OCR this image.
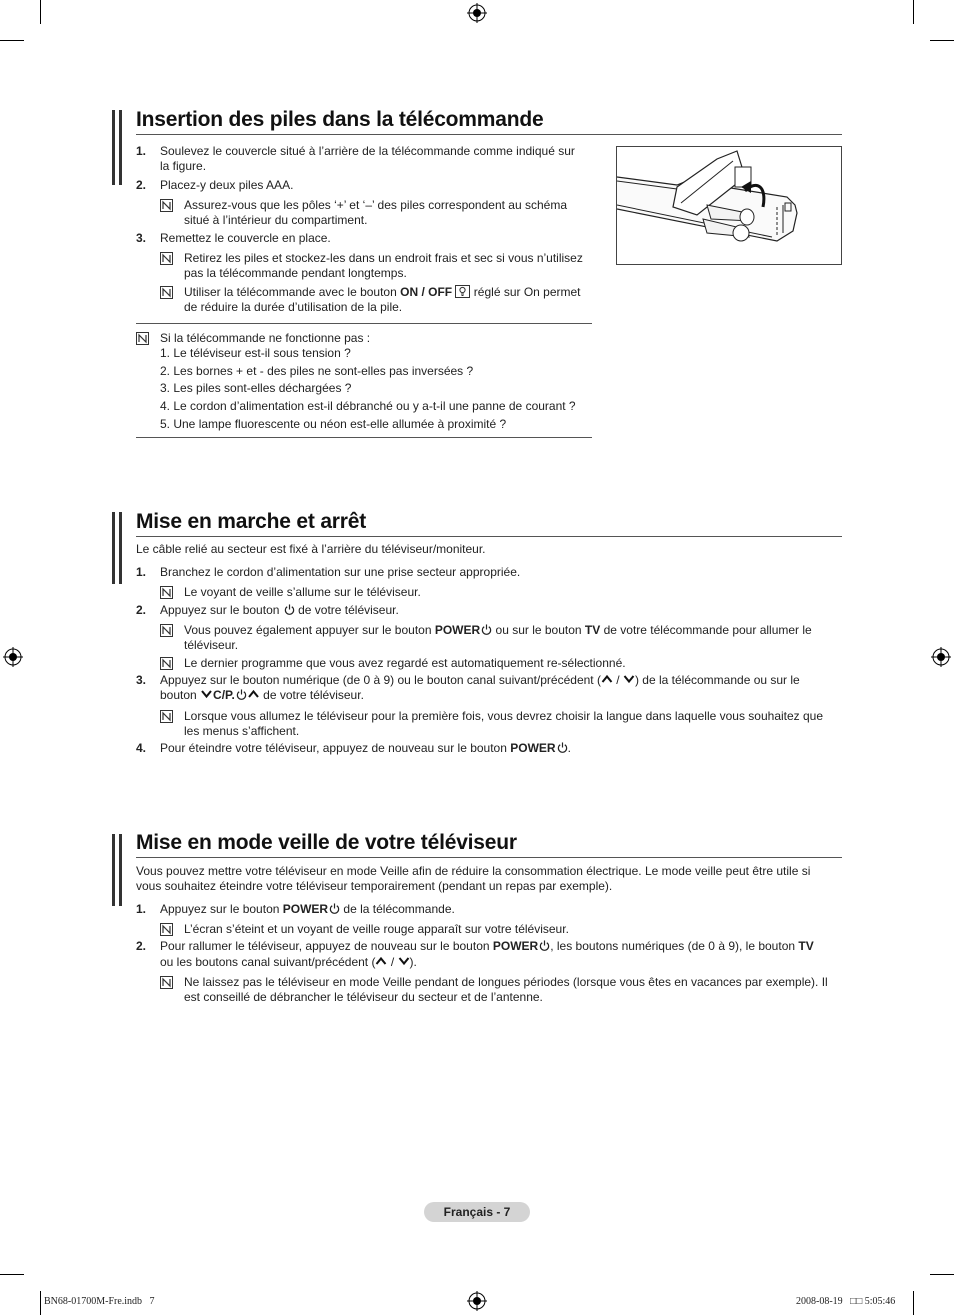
Insertion des piles dans la télécommande
1. Soulevez le couvercle situé à l’arrière de la télécommande comme indiqué sur
la figure.
2. Placez-y deux piles AAA.
Assurez-vous que les pôles ‘+’ et ‘–’ des piles correspondent au schéma
situé à l’intérieur du compartiment.
3. Remettez le couvercle en place.
Retirez les piles et stockez-les dans un endroit frais et sec si vous n’utilisez
pas la télécommande pendant longtemps.
Utiliser la télécommande avec le bouton ON / OFF  réglé sur On permet
de réduire la durée d’utilisation de la pile.
Si la télécommande ne fonctionne pas :
1. Le téléviseur est-il sous tension ?
2. Les bornes + et - des piles ne sont-elles pas inversées ?
3. Les piles sont-elles déchargées ?
4. Le cordon d’alimentation est-il débranché ou y a-t-il une panne de courant ?
5. Une lampe fluorescente ou néon est-elle allumée à proximité ?
Mise en marche et arrêt
Le câble relié au secteur est fixé à l’arrière du téléviseur/moniteur.
1. Branchez le cordon d’alimentation sur une prise secteur appropriée.
Le voyant de veille s’allume sur le téléviseur.
2. Appuyez sur le bouton  de votre téléviseur.
Vous pouvez également appuyer sur le bouton POWER ou sur le bouton TV de votre télécommande pour allumer le
téléviseur.
Le dernier programme que vous avez regardé est automatiquement re-sélectionné.
3. Appuyez sur le bouton numérique (de 0 à 9) ou le bouton canal suivant/précédent ( / ) de la télécommande ou sur le
bouton C/P. de votre téléviseur.
Lorsque vous allumez le téléviseur pour la première fois, vous devrez choisir la langue dans laquelle vous souhaitez que
les menus s’affichent.
4. Pour éteindre votre téléviseur, appuyez de nouveau sur le bouton POWER .
Mise en mode veille de votre téléviseur
Vous pouvez mettre votre téléviseur en mode Veille afin de réduire la consommation électrique. Le mode veille peut être utile si
vous souhaitez éteindre votre téléviseur temporairement (pendant un repas par exemple).
1. Appuyez sur le bouton POWER de la télécommande.
L’écran s’éteint et un voyant de veille rouge apparaît sur votre téléviseur.
2. Pour rallumer le téléviseur, appuyez de nouveau sur le bouton POWER , les boutons numériques (de 0 à 9), le bouton TV
ou les boutons canal suivant/précédent ( / ).
Ne laissez pas le téléviseur en mode Veille pendant de longues périodes (lorsque vous êtes en vacances par exemple). Il
est conseillé de débrancher le téléviseur du secteur et de l’antenne.
Français - 7
BN68-01700M-Fre.indb   7	2008-08-19   □□ 5:05:46
